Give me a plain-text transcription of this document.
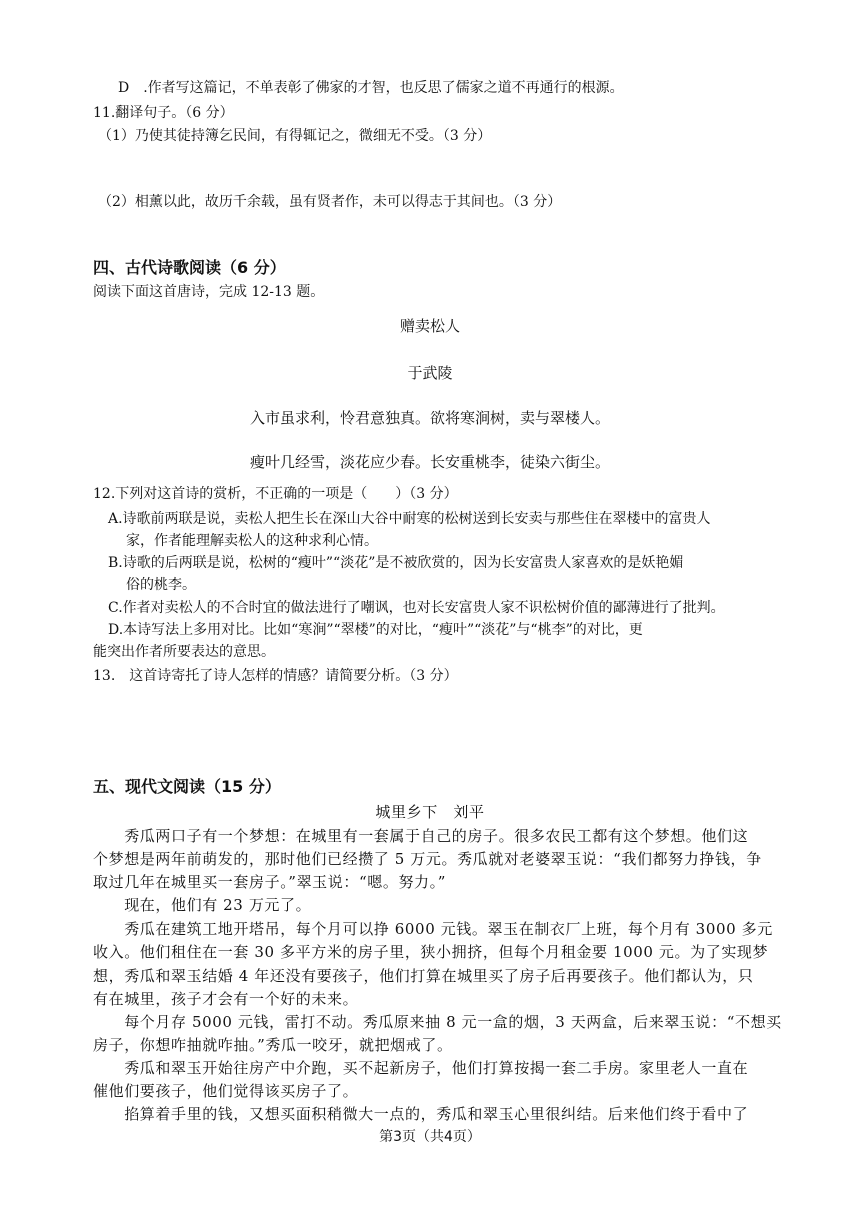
D　.作者写这篇记，不单表彰了佛家的才智，也反思了儒家之道不再通行的根源。
11.翻译句子。（6 分）
（1）乃使其徒持簿乞民间，有得辄记之，微细无不受。（3 分）
（2）相薰以此，故历千余载，虽有贤者作，未可以得志于其间也。（3 分）
四、古代诗歌阅读（6 分）
阅读下面这首唐诗，完成 12-13 题。
赠卖松人
于武陵
入市虽求利，怜君意独真。欲将寒涧树，卖与翠楼人。
瘦叶几经雪，淡花应少春。长安重桃李，徒染六街尘。
12.下列对这首诗的赏析，不正确的一项是（　　）（3 分）
A.诗歌前两联是说，卖松人把生长在深山大谷中耐寒的松树送到长安卖与那些住在翠楼中的富贵人
家，作者能理解卖松人的这种求利心情。
B.诗歌的后两联是说，松树的“瘦叶”“淡花”是不被欣赏的，因为长安富贵人家喜欢的是妖艳媚
俗的桃李。
C.作者对卖松人的不合时宜的做法进行了嘲讽，也对长安富贵人家不识松树价值的鄙薄进行了批判。
D.本诗写法上多用对比。比如“寒涧”“翠楼”的对比，“瘦叶”“淡花”与“桃李”的对比，更
能突出作者所要表达的意思。
13.　这首诗寄托了诗人怎样的情感？请简要分析。（3 分）
五、现代文阅读（15 分）
城里乡下　刘平
　　秀瓜两口子有一个梦想：在城里有一套属于自己的房子。很多农民工都有这个梦想。他们这
个梦想是两年前萌发的，那时他们已经攒了 5 万元。秀瓜就对老婆翠玉说：“我们都努力挣钱，争
取过几年在城里买一套房子。”翠玉说：“嗯。努力。”
　　现在，他们有 23 万元了。
　　秀瓜在建筑工地开塔吊，每个月可以挣 6000 元钱。翠玉在制衣厂上班，每个月有 3000 多元
收入。他们租住在一套 30 多平方米的房子里，狭小拥挤，但每个月租金要 1000 元。为了实现梦
想，秀瓜和翠玉结婚 4 年还没有要孩子，他们打算在城里买了房子后再要孩子。他们都认为，只
有在城里，孩子才会有一个好的未来。
　　每个月存 5000 元钱，雷打不动。秀瓜原来抽 8 元一盒的烟，3 天两盒，后来翠玉说：“不想买
房子，你想咋抽就咋抽。”秀瓜一咬牙，就把烟戒了。
　　秀瓜和翠玉开始往房产中介跑，买不起新房子，他们打算按揭一套二手房。家里老人一直在
催他们要孩子，他们觉得该买房子了。
　　掐算着手里的钱，又想买面积稍微大一点的，秀瓜和翠玉心里很纠结。后来他们终于看中了
第3页（共4页）
